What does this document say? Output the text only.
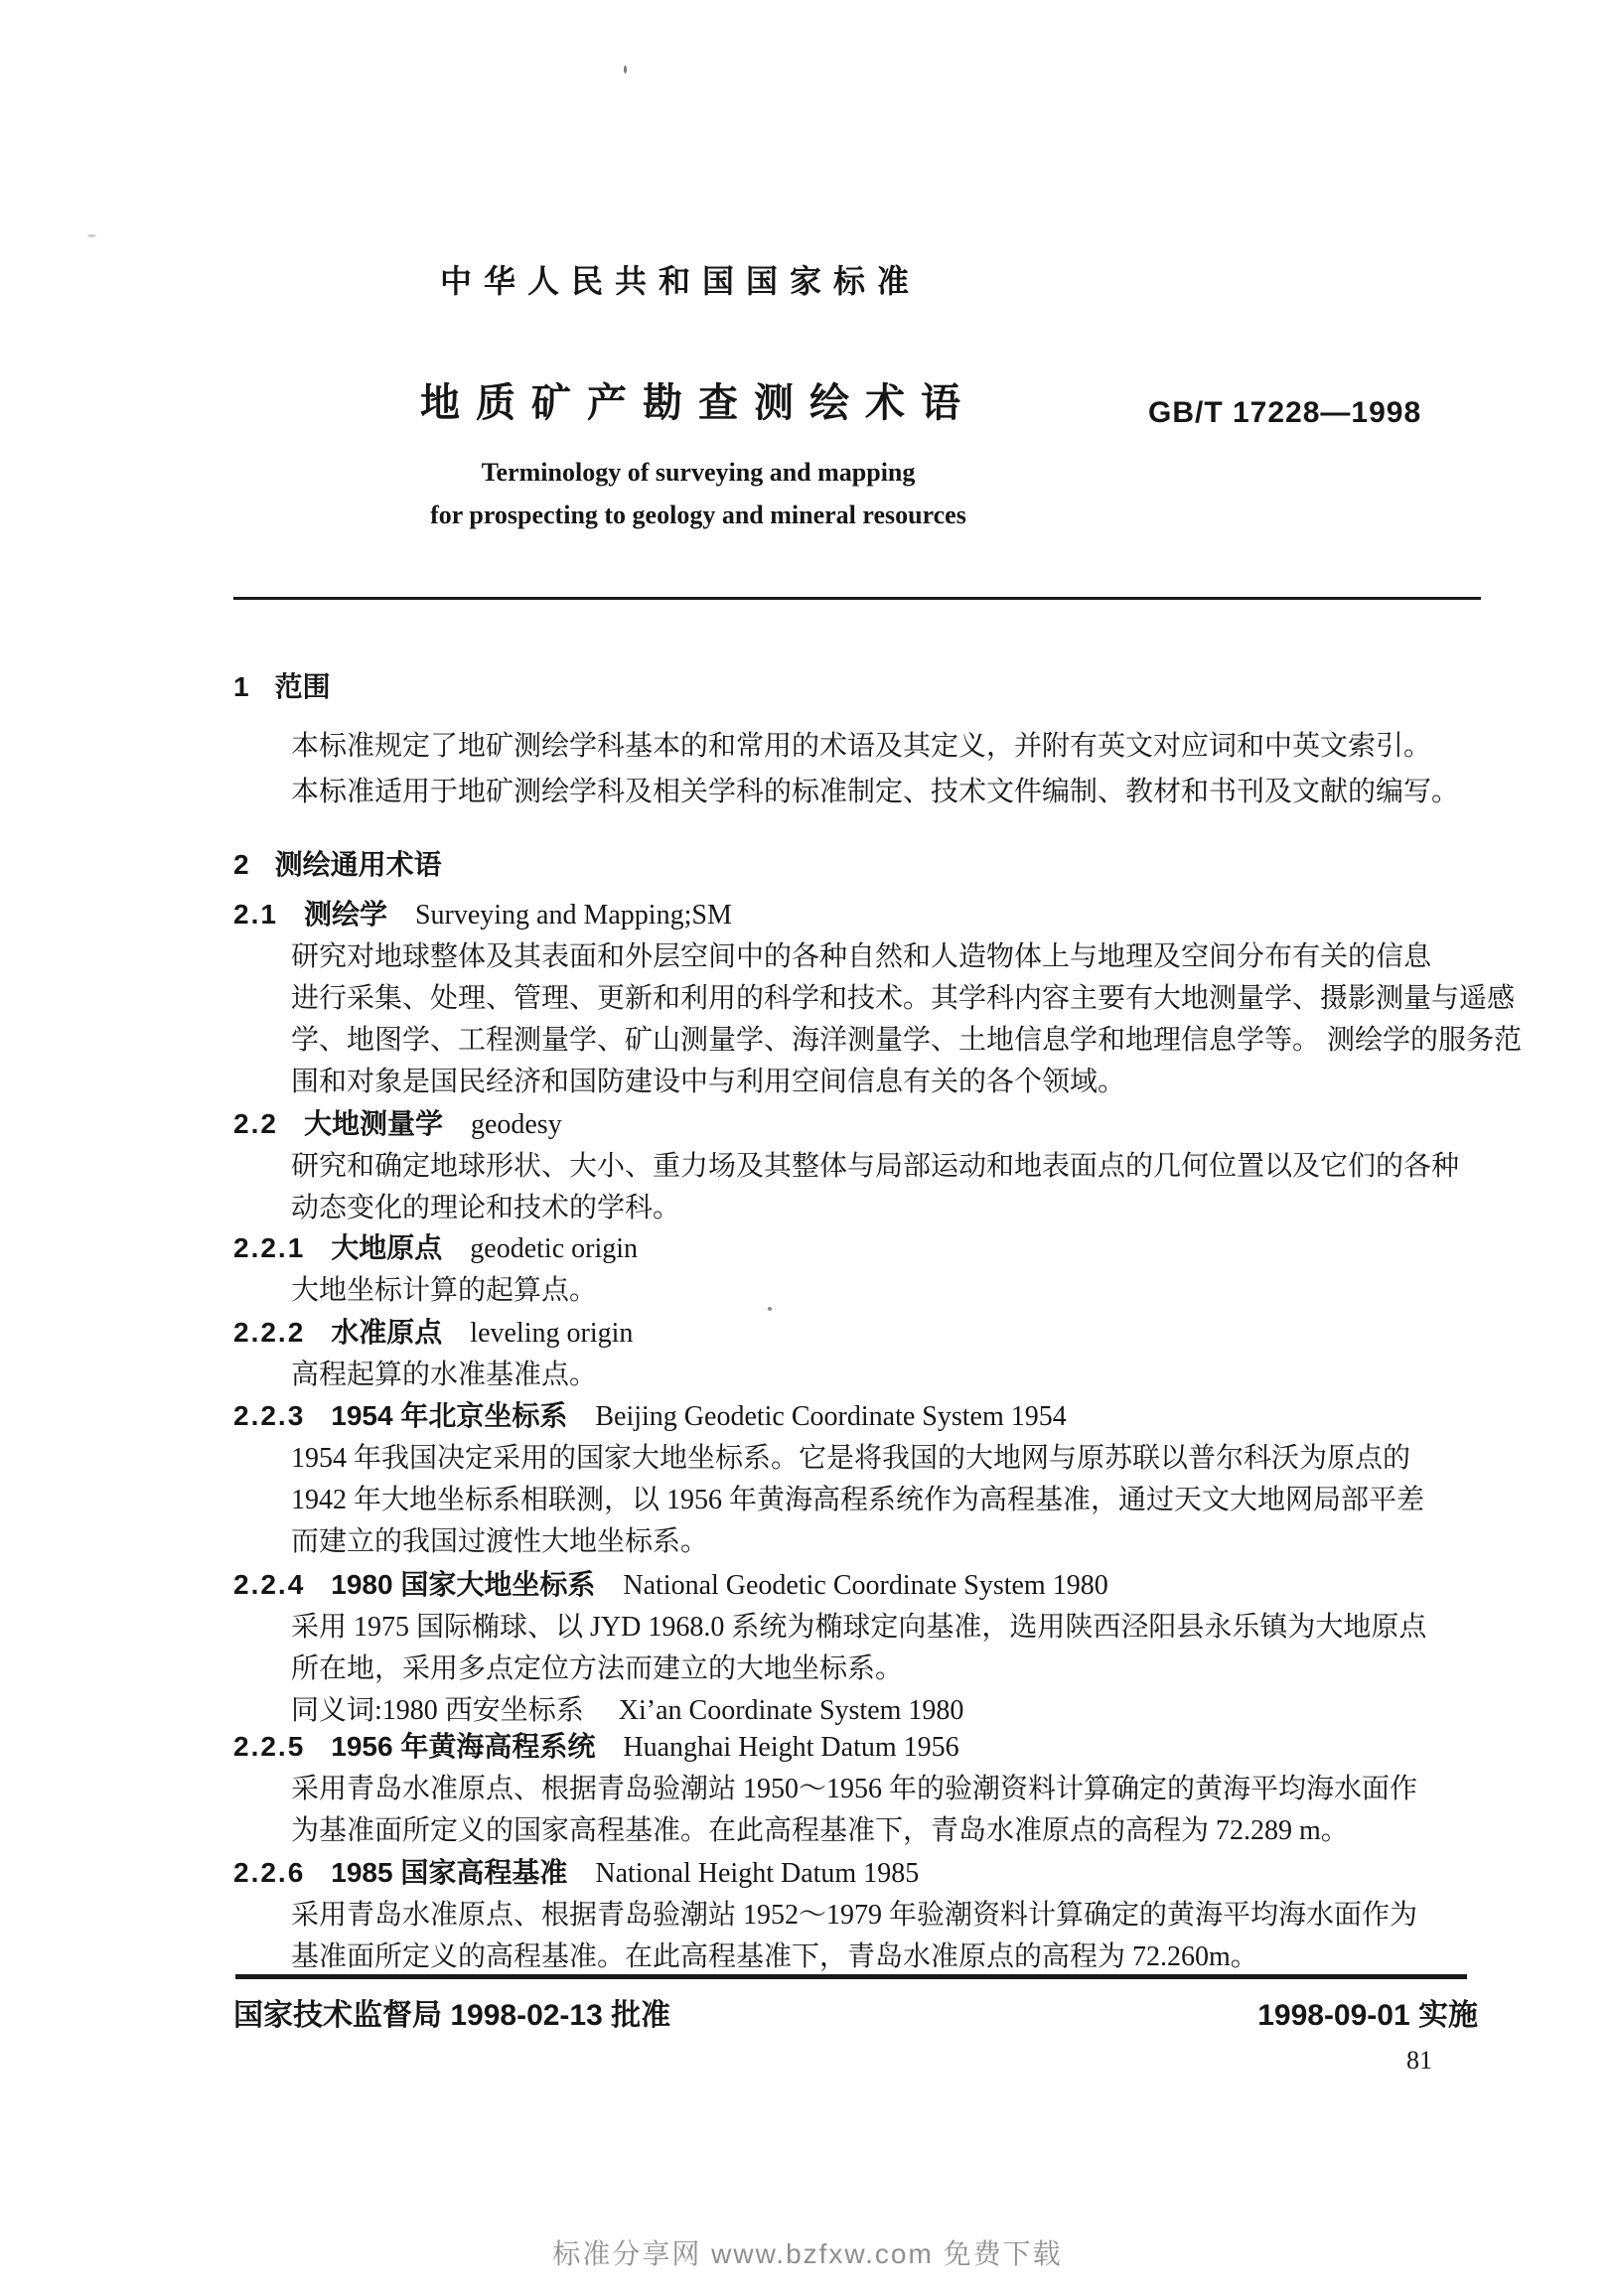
中华人民共和国国家标准
地质矿产勘查测绘术语	GB/T 17228—1998
Terminology of surveying and mapping
for prospecting to geology and mineral resources
1 范围
本标准规定了地矿测绘学科基本的和常用的术语及其定义，并附有英文对应词和中英文索引。
本标准适用于地矿测绘学科及相关学科的标准制定、技术文件编制、教材和书刊及文献的编写。
2 测绘通用术语
2.1 测绘学 Surveying and Mapping;SM
研究对地球整体及其表面和外层空间中的各种自然和人造物体上与地理及空间分布有关的信息
进行采集、处理、管理、更新和利用的科学和技术。其学科内容主要有大地测量学、摄影测量与遥感
学、地图学、工程测量学、矿山测量学、海洋测量学、土地信息学和地理信息学等。 测绘学的服务范
围和对象是国民经济和国防建设中与利用空间信息有关的各个领域。
2.2 大地测量学 geodesy
研究和确定地球形状、大小、重力场及其整体与局部运动和地表面点的几何位置以及它们的各种
动态变化的理论和技术的学科。
2.2.1 大地原点 geodetic origin
大地坐标计算的起算点。
2.2.2 水准原点 leveling origin
高程起算的水准基准点。
2.2.3 1954 年北京坐标系 Beijing Geodetic Coordinate System 1954
1954 年我国决定采用的国家大地坐标系。它是将我国的大地网与原苏联以普尔科沃为原点的
1942 年大地坐标系相联测，以 1956 年黄海高程系统作为高程基准，通过天文大地网局部平差
而建立的我国过渡性大地坐标系。
2.2.4 1980 国家大地坐标系 National Geodetic Coordinate System 1980
采用 1975 国际椭球、以 JYD 1968.0 系统为椭球定向基准，选用陕西泾阳县永乐镇为大地原点
所在地，采用多点定位方法而建立的大地坐标系。
同义词:1980 西安坐标系　 Xi’an Coordinate System 1980
2.2.5 1956 年黄海高程系统 Huanghai Height Datum 1956
采用青岛水准原点、根据青岛验潮站 1950～1956 年的验潮资料计算确定的黄海平均海水面作
为基准面所定义的国家高程基准。在此高程基准下，青岛水准原点的高程为 72.289 m。
2.2.6 1985 国家高程基准 National Height Datum 1985
采用青岛水准原点、根据青岛验潮站 1952～1979 年验潮资料计算确定的黄海平均海水面作为
基准面所定义的高程基准。在此高程基准下，青岛水准原点的高程为 72.260m。
国家技术监督局 1998-02-13 批准	1998-09-01 实施
81
标准分享网 www.bzfxw.com 免费下载
